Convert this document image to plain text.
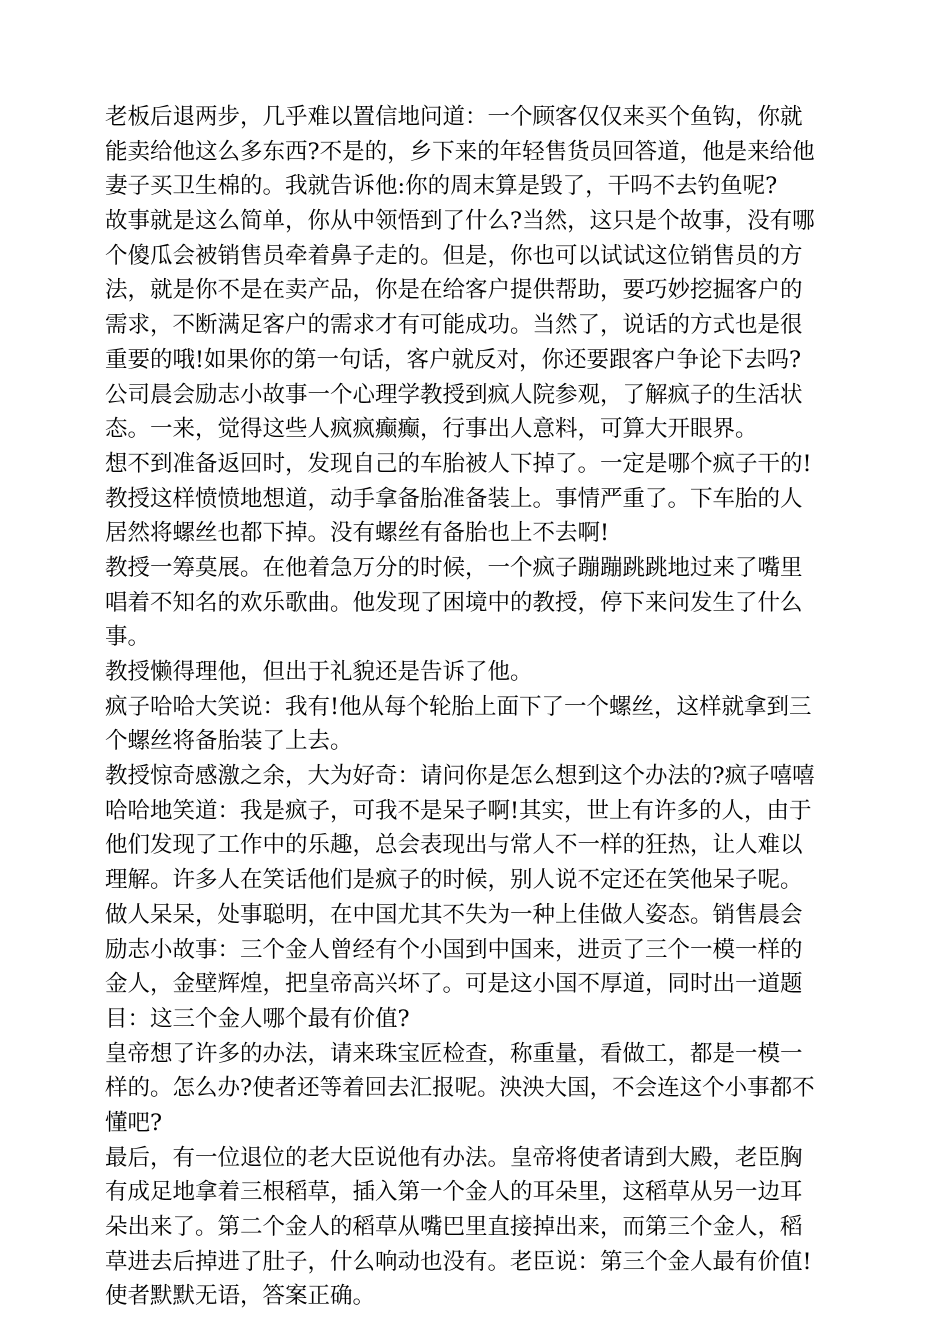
老板后退两步，几乎难以置信地问道：一个顾客仅仅来买个鱼钩，你就

能卖给他这么多东西?不是的，乡下来的年轻售货员回答道，他是来给他

妻子买卫生棉的。我就告诉他:你的周末算是毁了，干吗不去钓鱼呢?

故事就是这么简单，你从中领悟到了什么?当然，这只是个故事，没有哪

个傻瓜会被销售员牵着鼻子走的。但是，你也可以试试这位销售员的方

法，就是你不是在卖产品，你是在给客户提供帮助，要巧妙挖掘客户的

需求，不断满足客户的需求才有可能成功。当然了，说话的方式也是很

重要的哦!如果你的第一句话，客户就反对，你还要跟客户争论下去吗?

公司晨会励志小故事一个心理学教授到疯人院参观，了解疯子的生活状

态。一来，觉得这些人疯疯癫癫，行事出人意料，可算大开眼界。

想不到准备返回时，发现自己的车胎被人下掉了。一定是哪个疯子干的!

教授这样愤愤地想道，动手拿备胎准备装上。事情严重了。下车胎的人

居然将螺丝也都下掉。没有螺丝有备胎也上不去啊!

教授一筹莫展。在他着急万分的时候，一个疯子蹦蹦跳跳地过来了嘴里

唱着不知名的欢乐歌曲。他发现了困境中的教授，停下来问发生了什么

事。

教授懒得理他，但出于礼貌还是告诉了他。

疯子哈哈大笑说：我有!他从每个轮胎上面下了一个螺丝，这样就拿到三

个螺丝将备胎装了上去。

教授惊奇感激之余，大为好奇：请问你是怎么想到这个办法的?疯子嘻嘻

哈哈地笑道：我是疯子，可我不是呆子啊!其实，世上有许多的人，由于

他们发现了工作中的乐趣，总会表现出与常人不一样的狂热，让人难以

理解。许多人在笑话他们是疯子的时候，别人说不定还在笑他呆子呢。

做人呆呆，处事聪明，在中国尤其不失为一种上佳做人姿态。销售晨会

励志小故事：三个金人曾经有个小国到中国来，进贡了三个一模一样的

金人，金壁辉煌，把皇帝高兴坏了。可是这小国不厚道，同时出一道题

目：这三个金人哪个最有价值?

皇帝想了许多的办法，请来珠宝匠检查，称重量，看做工，都是一模一

样的。怎么办?使者还等着回去汇报呢。泱泱大国，不会连这个小事都不

懂吧?

最后，有一位退位的老大臣说他有办法。皇帝将使者请到大殿，老臣胸

有成足地拿着三根稻草，插入第一个金人的耳朵里，这稻草从另一边耳

朵出来了。第二个金人的稻草从嘴巴里直接掉出来，而第三个金人，稻

草进去后掉进了肚子，什么响动也没有。老臣说：第三个金人最有价值!

使者默默无语，答案正确。
